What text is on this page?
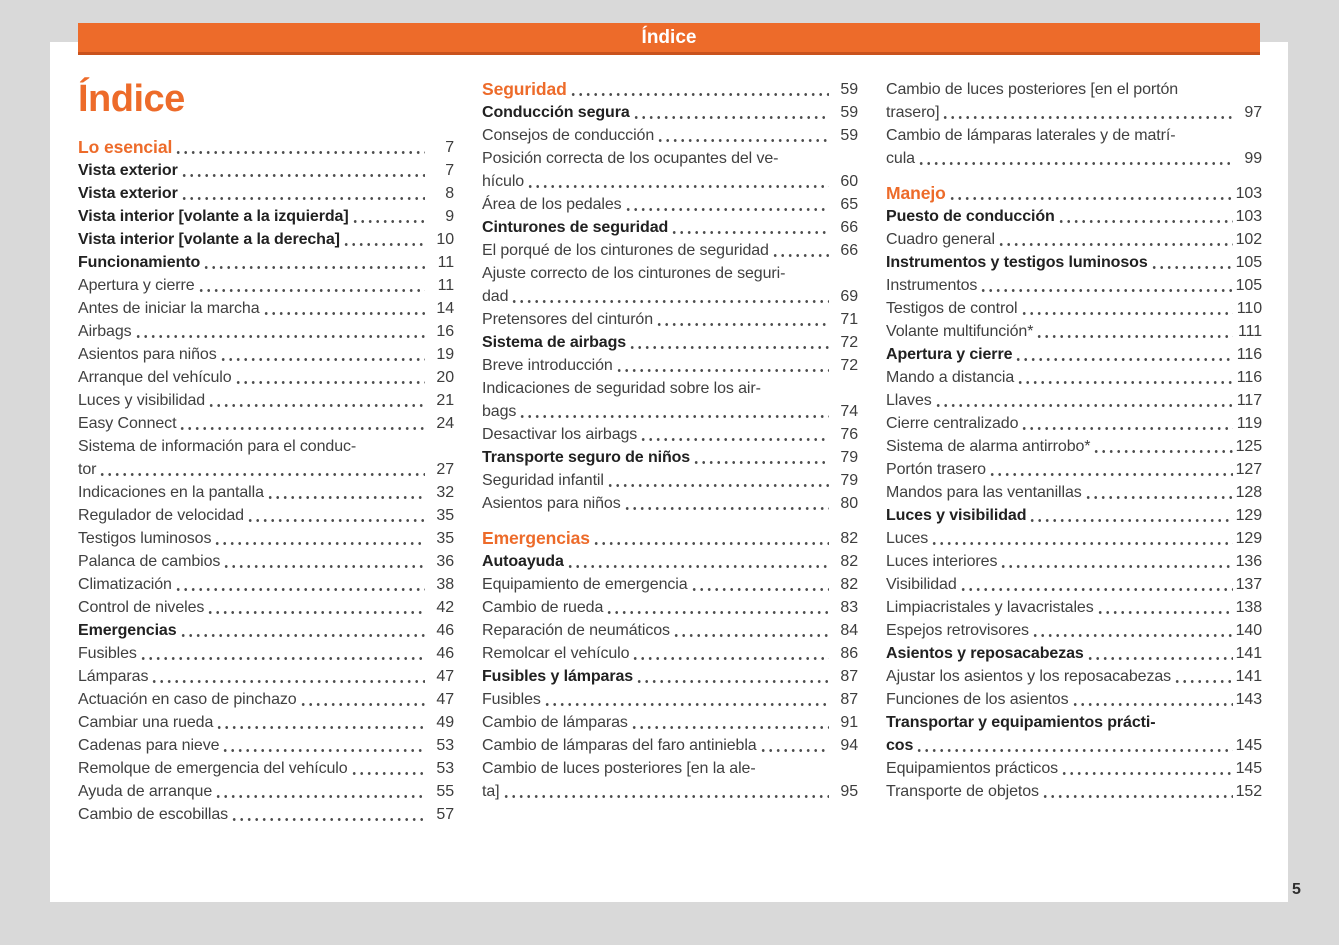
Índice
Índice
Lo esencial	7
Vista exterior	7
Vista exterior	8
Vista interior [volante a la izquierda]	9
Vista interior [volante a la derecha]	10
Funcionamiento	11
Apertura y cierre	11
Antes de iniciar la marcha	14
Airbags	16
Asientos para niños	19
Arranque del vehículo	20
Luces y visibilidad	21
Easy Connect	24
Sistema de información para el conduc-
tor	27
Indicaciones en la pantalla	32
Regulador de velocidad	35
Testigos luminosos	35
Palanca de cambios	36
Climatización	38
Control de niveles	42
Emergencias	46
Fusibles	46
Lámparas	47
Actuación en caso de pinchazo	47
Cambiar una rueda	49
Cadenas para nieve	53
Remolque de emergencia del vehículo	53
Ayuda de arranque	55
Cambio de escobillas	57
Seguridad	59
Conducción segura	59
Consejos de conducción	59
Posición correcta de los ocupantes del ve-
hículo	60
Área de los pedales	65
Cinturones de seguridad	66
El porqué de los cinturones de seguridad	66
Ajuste correcto de los cinturones de seguri-
dad	69
Pretensores del cinturón	71
Sistema de airbags	72
Breve introducción	72
Indicaciones de seguridad sobre los air-
bags	74
Desactivar los airbags	76
Transporte seguro de niños	79
Seguridad infantil	79
Asientos para niños	80
Emergencias	82
Autoayuda	82
Equipamiento de emergencia	82
Cambio de rueda	83
Reparación de neumáticos	84
Remolcar el vehículo	86
Fusibles y lámparas	87
Fusibles	87
Cambio de lámparas	91
Cambio de lámparas del faro antiniebla	94
Cambio de luces posteriores [en la ale-
ta]	95
Cambio de luces posteriores [en el portón
trasero]	97
Cambio de lámparas laterales y de matrí-
cula	99
Manejo	103
Puesto de conducción	103
Cuadro general	102
Instrumentos y testigos luminosos	105
Instrumentos	105
Testigos de control	110
Volante multifunción*	111
Apertura y cierre	116
Mando a distancia	116
Llaves	117
Cierre centralizado	119
Sistema de alarma antirrobo*	125
Portón trasero	127
Mandos para las ventanillas	128
Luces y visibilidad	129
Luces	129
Luces interiores	136
Visibilidad	137
Limpiacristales y lavacristales	138
Espejos retrovisores	140
Asientos y reposacabezas	141
Ajustar los asientos y los reposacabezas	141
Funciones de los asientos	143
Transportar y equipamientos prácti-
cos	145
Equipamientos prácticos	145
Transporte de objetos	152
5
